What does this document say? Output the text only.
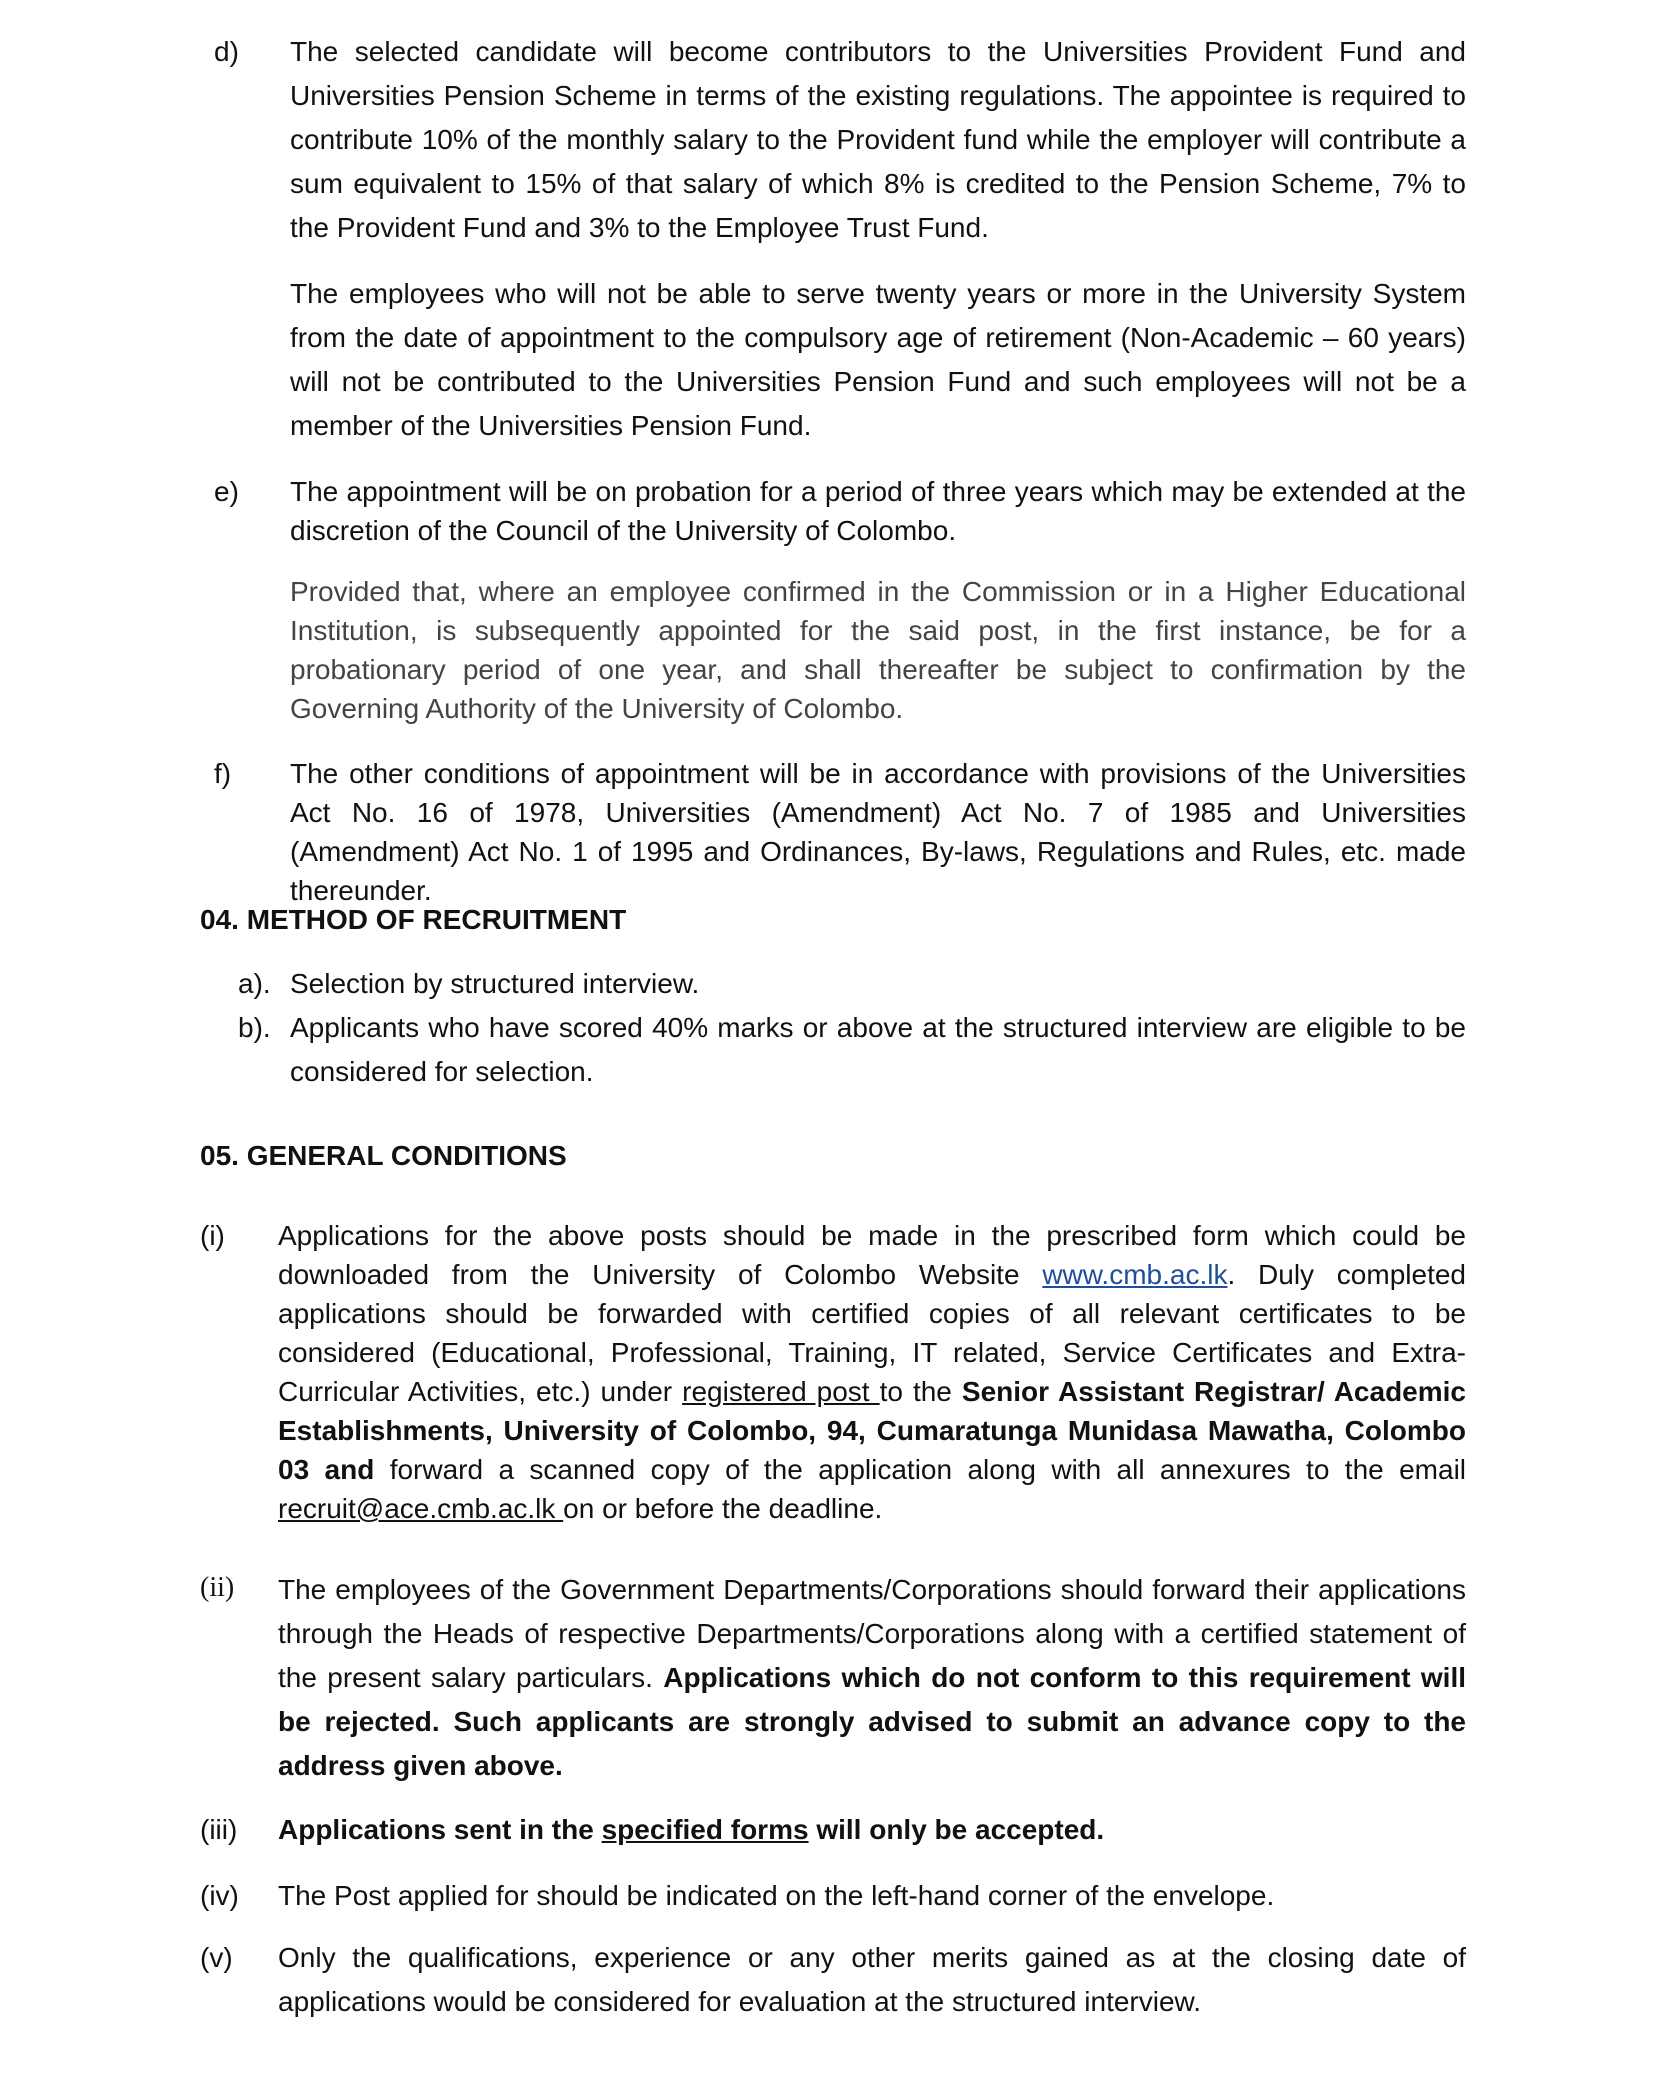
d) The selected candidate will become contributors to the Universities Provident Fund and Universities Pension Scheme in terms of the existing regulations. The appointee is required to contribute 10% of the monthly salary to the Provident fund while the employer will contribute a sum equivalent to 15% of that salary of which 8% is credited to the Pension Scheme, 7% to the Provident Fund and 3% to the Employee Trust Fund.

The employees who will not be able to serve twenty years or more in the University System from the date of appointment to the compulsory age of retirement (Non-Academic – 60 years) will not be contributed to the Universities Pension Fund and such employees will not be a member of the Universities Pension Fund.

e) The appointment will be on probation for a period of three years which may be extended at the discretion of the Council of the University of Colombo.

Provided that, where an employee confirmed in the Commission or in a Higher Educational Institution, is subsequently appointed for the said post, in the first instance, be for a probationary period of one year, and shall thereafter be subject to confirmation by the Governing Authority of the University of Colombo.

f) The other conditions of appointment will be in accordance with provisions of the Universities Act No. 16 of 1978, Universities (Amendment) Act No. 7 of 1985 and Universities (Amendment) Act No. 1 of 1995 and Ordinances, By-laws, Regulations and Rules, etc. made thereunder.

04. METHOD OF RECRUITMENT
a). Selection by structured interview.

b). Applicants who have scored 40% marks or above at the structured interview are eligible to be considered for selection.

05. GENERAL CONDITIONS
(i) Applications for the above posts should be made in the prescribed form which could be downloaded from the University of Colombo Website www.cmb.ac.lk. Duly completed applications should be forwarded with certified copies of all relevant certificates to be considered (Educational, Professional, Training, IT related, Service Certificates and Extra-Curricular Activities, etc.) under registered post to the Senior Assistant Registrar/ Academic Establishments, University of Colombo, 94, Cumaratunga Munidasa Mawatha, Colombo 03 and forward a scanned copy of the application along with all annexures to the email recruit@ace.cmb.ac.lk on or before the deadline.

(ii) The employees of the Government Departments/Corporations should forward their applications through the Heads of respective Departments/Corporations along with a certified statement of the present salary particulars. Applications which do not conform to this requirement will be rejected. Such applicants are strongly advised to submit an advance copy to the address given above.

(iii) Applications sent in the specified forms will only be accepted.

(iv) The Post applied for should be indicated on the left-hand corner of the envelope.

(v) Only the qualifications, experience or any other merits gained as at the closing date of applications would be considered for evaluation at the structured interview.
